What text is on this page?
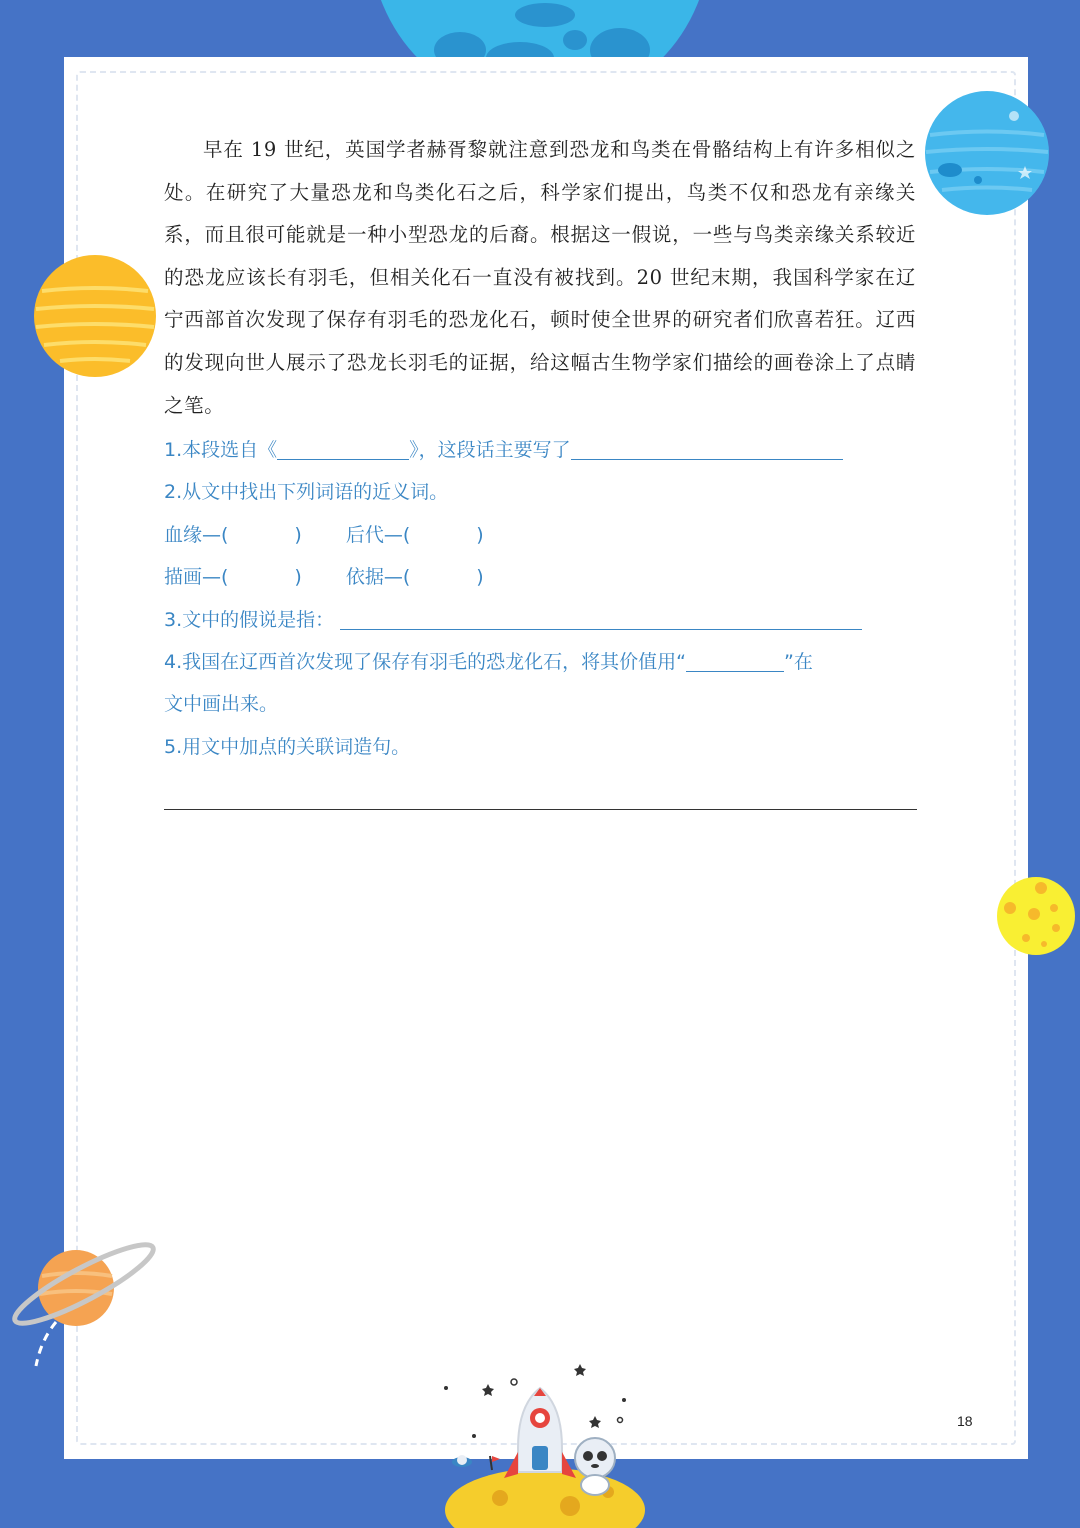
早在 19 世纪，英国学者赫胥黎就注意到恐龙和鸟类在骨骼结构上有许多相似之处。在研究了大量恐龙和鸟类化石之后，科学家们提出，鸟类不仅和恐龙有亲缘关系，而且很可能就是一种小型恐龙的后裔。根据这一假说，一些与鸟类亲缘关系较近的恐龙应该长有羽毛，但相关化石一直没有被找到。20 世纪末期，我国科学家在辽宁西部首次发现了保存有羽毛的恐龙化石，顿时使全世界的研究者们欣喜若狂。辽西的发现向世人展示了恐龙长羽毛的证据，给这幅古生物学家们描绘的画卷涂上了点睛之笔。

1.本段选自《	》，这段话主要写了
2.从文中找出下列词语的近义词。
血缘—(	) 后代—(	)
描画—(	) 依据—(	)
3.文中的假说是指：
4.我国在辽西首次发现了保存有羽毛的恐龙化石，将其价值用“	”在
文中画出来。
5.用文中加点的关联词造句。
18
